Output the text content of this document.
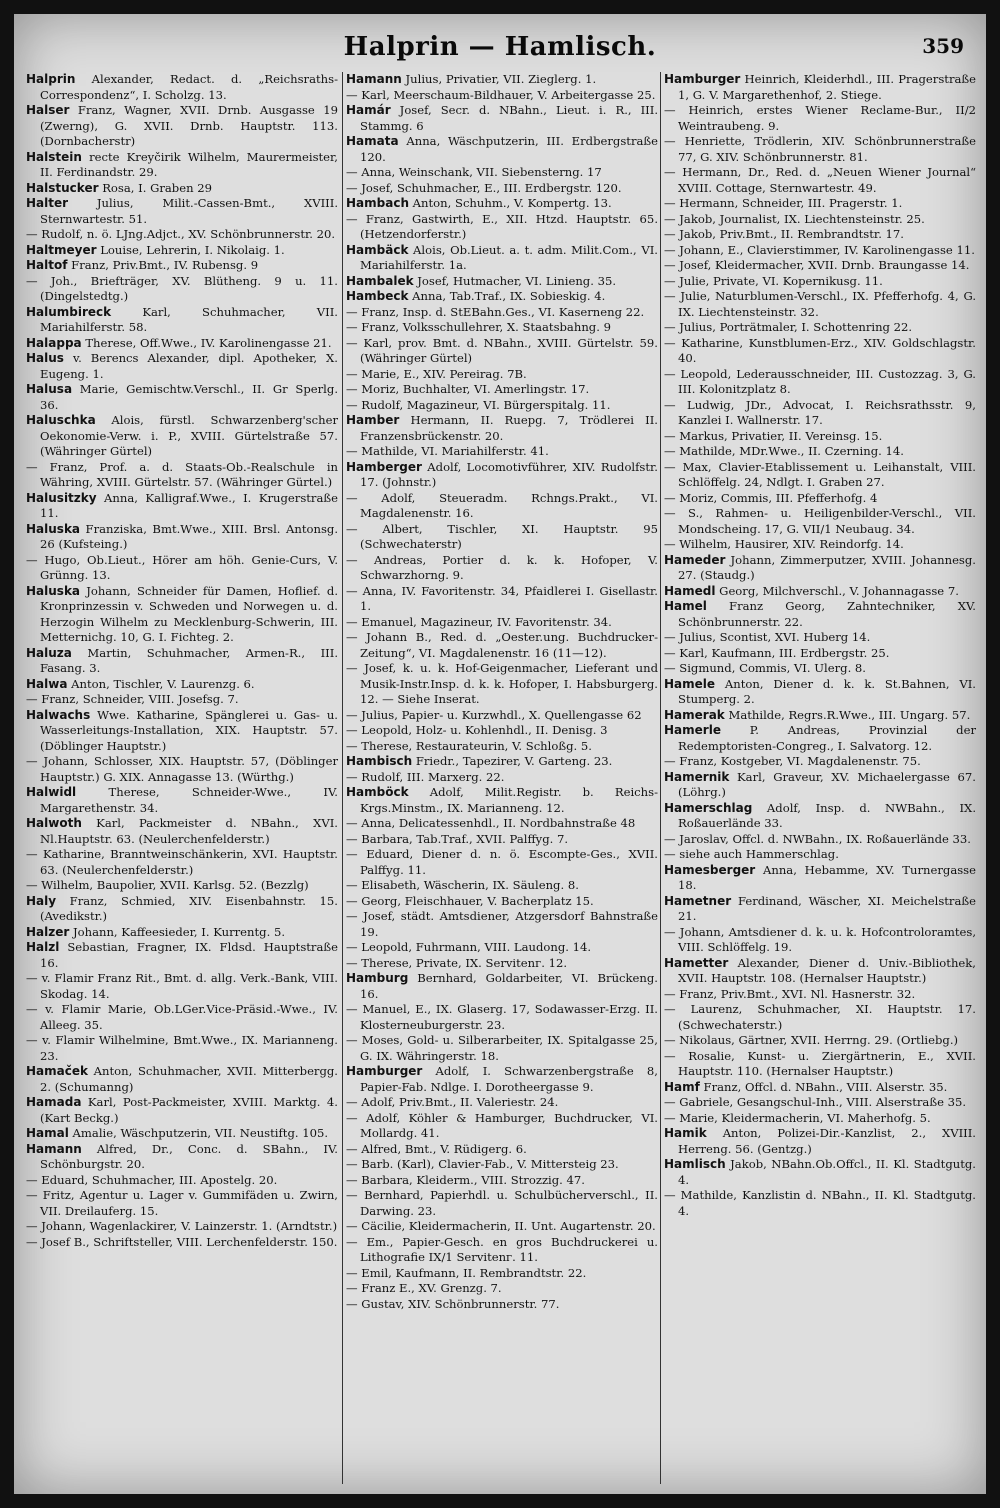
Halprin — Hamlisch.	359
Halprin Alexander, Redact. d. „Reichsraths-Correspondenz“, I. Scholzg. 13.
Halser Franz, Wagner, XVII. Drnb. Ausgasse 19 (Zwerng), G. XVII. Drnb. Hauptstr. 113. (Dornbacherstr)
Halstein recte Kreyčirik Wilhelm, Maurermeister, II. Ferdinandstr. 29.
Halstucker Rosa, I. Graben 29
Halter Julius, Milit.-Cassen-Bmt., XVIII. Sternwartestr. 51.
— Rudolf, n. ö. LJng.Adjct., XV. Schönbrunnerstr. 20.
Haltmeyer Louise, Lehrerin, I. Nikolaig. 1.
Haltof Franz, Priv.Bmt., IV. Rubensg. 9
— Joh., Briefträger, XV. Blütheng. 9 u. 11. (Dingelstedtg.)
Halumbireck Karl, Schuhmacher, VII. Mariahilferstr. 58.
Halappa Therese, Off.Wwe., IV. Karolinengasse 21.
Halus v. Berencs Alexander, dipl. Apotheker, X. Eugeng. 1.
Halusa Marie, Gemischtw.Verschl., II. Gr Sperlg. 36.
Haluschka Alois, fürstl. Schwarzenberg'scher Oekonomie-Verw. i. P., XVIII. Gürtelstraße 57. (Währinger Gürtel)
— Franz, Prof. a. d. Staats-Ob.-Realschule in Währing, XVIII. Gürtelstr. 57. (Währinger Gürtel.)
Halusitzky Anna, Kalligraf.Wwe., I. Krugerstraße 11.
Haluska Franziska, Bmt.Wwe., XIII. Brsl. Antonsg. 26 (Kufsteing.)
— Hugo, Ob.Lieut., Hörer am höh. Genie-Curs, V. Grünng. 13.
Haluska Johann, Schneider für Damen, Hoflief. d. Kronprinzessin v. Schweden und Norwegen u. d. Herzogin Wilhelm zu Mecklenburg-Schwerin, III. Metternichg. 10, G. I. Fichteg. 2.
Haluza Martin, Schuhmacher, Armen-R., III. Fasang. 3.
Halwa Anton, Tischler, V. Laurenzg. 6.
— Franz, Schneider, VIII. Josefsg. 7.
Halwachs Wwe. Katharine, Spänglerei u. Gas- u. Wasserleitungs-Installation, XIX. Hauptstr. 57. (Döblinger Hauptstr.)
— Johann, Schlosser, XIX. Hauptstr. 57, (Döblinger Hauptstr.) G. XIX. Annagasse 13. (Würthg.)
Halwidl Therese, Schneider-Wwe., IV. Margarethenstr. 34.
Halwoth Karl, Packmeister d. NBahn., XVI. Nl.Hauptstr. 63. (Neulerchenfelderstr.)
— Katharine, Branntweinschänkerin, XVI. Hauptstr. 63. (Neulerchenfelderstr.)
— Wilhelm, Baupolier, XVII. Karlsg. 52. (Bezzlg)
Haly Franz, Schmied, XIV. Eisenbahnstr. 15. (Avedikstr.)
Halzer Johann, Kaffeesieder, I. Kurrentg. 5.
Halzl Sebastian, Fragner, IX. Fldsd. Hauptstraße 16.
— v. Flamir Franz Rit., Bmt. d. allg. Verk.-Bank, VIII. Skodag. 14.
— v. Flamir Marie, Ob.LGer.Vice-Präsid.-Wwe., IV. Alleeg. 35.
— v. Flamir Wilhelmine, Bmt.Wwe., IX. Marianneng. 23.
Hamaček Anton, Schuhmacher, XVII. Mitterbergg. 2. (Schumanng)
Hamada Karl, Post-Packmeister, XVIII. Marktg. 4. (Kart Beckg.)
Hamal Amalie, Wäschputzerin, VII. Neustiftg. 105.
Hamann Alfred, Dr., Conc. d. SBahn., IV. Schönburgstr. 20.
— Eduard, Schuhmacher, III. Apostelg. 20.
— Fritz, Agentur u. Lager v. Gummifäden u. Zwirn, VII. Dreilauferg. 15.
— Johann, Wagenlackirer, V. Lainzerstr. 1. (Arndtstr.)
— Josef B., Schriftsteller, VIII. Lerchenfelderstr. 150.
Hamann Julius, Privatier, VII. Zieglerg. 1.
— Karl, Meerschaum-Bildhauer, V. Arbeitergasse 25.
Hamár Josef, Secr. d. NBahn., Lieut. i. R., III. Stammg. 6
Hamata Anna, Wäschputzerin, III. Erdbergstraße 120.
— Anna, Weinschank, VII. Siebensterng. 17
— Josef, Schuhmacher, E., III. Erdbergstr. 120.
Hambach Anton, Schuhm., V. Kompertg. 13.
— Franz, Gastwirth, E., XII. Htzd. Hauptstr. 65. (Hetzendorferstr.)
Hambäck Alois, Ob.Lieut. a. t. adm. Milit.Com., VI. Mariahilferstr. 1a.
Hambalek Josef, Hutmacher, VI. Linieng. 35.
Hambeck Anna, Tab.Traf., IX. Sobieskig. 4.
— Franz, Insp. d. StEBahn.Ges., VI. Kaserneng 22.
— Franz, Volksschullehrer, X. Staatsbahng. 9
— Karl, prov. Bmt. d. NBahn., XVIII. Gürtelstr. 59. (Währinger Gürtel)
— Marie, E., XIV. Pereirag. 7B.
— Moriz, Buchhalter, VI. Amerlingstr. 17.
— Rudolf, Magazineur, VI. Bürgerspitalg. 11.
Hamber Hermann, II. Ruepg. 7, Trödlerei II. Franzensbrückenstr. 20.
— Mathilde, VI. Mariahilferstr. 41.
Hamberger Adolf, Locomotivführer, XIV. Rudolfstr. 17. (Johnstr.)
— Adolf, Steueradm. Rchngs.Prakt., VI. Magdalenenstr. 16.
— Albert, Tischler, XI. Hauptstr. 95 (Schwechaterstr)
— Andreas, Portier d. k. k. Hofoper, V. Schwarzhorng. 9.
— Anna, IV. Favoritenstr. 34, Pfaidlerei I. Gisellastr. 1.
— Emanuel, Magazineur, IV. Favoritenstr. 34.
— Johann B., Red. d. „Oester.ung. Buchdrucker-Zeitung“, VI. Magdalenenstr. 16 (11—12).
— Josef, k. u. k. Hof-Geigenmacher, Lieferant und Musik-Instr.Insp. d. k. k. Hofoper, I. Habsburgerg. 12. — Siehe Inserat.
— Julius, Papier- u. Kurzwhdl., X. Quellengasse 62
— Leopold, Holz- u. Kohlenhdl., II. Denisg. 3
— Therese, Restaurateurin, V. Schloßg. 5.
Hambisch Friedr., Tapezirer, V. Garteng. 23.
— Rudolf, III. Marxerg. 22.
Hamböck Adolf, Milit.Registr. b. Reichs-Krgs.Minstm., IX. Marianneng. 12.
— Anna, Delicatessenhdl., II. Nordbahnstraße 48
— Barbara, Tab.Traf., XVII. Palffyg. 7.
— Eduard, Diener d. n. ö. Escompte-Ges., XVII. Palffyg. 11.
— Elisabeth, Wäscherin, IX. Säuleng. 8.
— Georg, Fleischhauer, V. Bacherplatz 15.
— Josef, städt. Amtsdiener, Atzgersdorf Bahnstraße 19.
— Leopold, Fuhrmann, VIII. Laudong. 14.
— Therese, Private, IX. Servitenг. 12.
Hamburg Bernhard, Goldarbeiter, VI. Brückeng. 16.
— Manuel, E., IX. Glaserg. 17, Sodawasser-Erzg. II. Klosterneuburgerstr. 23.
— Moses, Gold- u. Silberarbeiter, IX. Spitalgasse 25, G. IX. Währingerstr. 18.
Hamburger Adolf, I. Schwarzenbergstraße 8, Papier-Fab. Ndlge. I. Dorotheergasse 9.
— Adolf, Priv.Bmt., II. Valeriestr. 24.
— Adolf, Köhler & Hamburger, Buchdrucker, VI. Mollardg. 41.
— Alfred, Bmt., V. Rüdigerg. 6.
— Barb. (Karl), Clavier-Fab., V. Mittersteig 23.
— Barbara, Kleiderm., VIII. Strozzig. 47.
— Bernhard, Papierhdl. u. Schulbücherverschl., II. Darwing. 23.
— Cäcilie, Kleidermacherin, II. Unt. Augartenstr. 20.
— Em., Papier-Gesch. en gros Buchdruckerei u. Lithografie IX/1 Servitenг. 11.
— Emil, Kaufmann, II. Rembrandtstr. 22.
— Franz E., XV. Grenzg. 7.
— Gustav, XIV. Schönbrunnerstr. 77.
Hamburger Heinrich, Kleiderhdl., III. Pragerstraße 1, G. V. Margarethenhof, 2. Stiege.
— Heinrich, erstes Wiener Reclame-Bur., II/2 Weintraubeng. 9.
— Henriette, Trödlerin, XIV. Schönbrunnerstraße 77, G. XIV. Schönbrunnerstr. 81.
— Hermann, Dr., Red. d. „Neuen Wiener Journal“ XVIII. Cottage, Sternwartestr. 49.
— Hermann, Schneider, III. Pragerstr. 1.
— Jakob, Journalist, IX. Liechtensteinstr. 25.
— Jakob, Priv.Bmt., II. Rembrandtstr. 17.
— Johann, E., Clavierstimmer, IV. Karolinengasse 11.
— Josef, Kleidermacher, XVII. Drnb. Braungasse 14.
— Julie, Private, VI. Kopernikusg. 11.
— Julie, Naturblumen-Verschl., IX. Pfefferhofg. 4, G. IX. Liechtensteinstr. 32.
— Julius, Porträtmaler, I. Schottenring 22.
— Katharine, Kunstblumen-Erz., XIV. Goldschlagstr. 40.
— Leopold, Lederausschneider, III. Custozzag. 3, G. III. Kolonitzplatz 8.
— Ludwig, JDr., Advocat, I. Reichsrathsstr. 9, Kanzlei I. Wallnerstr. 17.
— Markus, Privatier, II. Vereinsg. 15.
— Mathilde, MDr.Wwe., II. Czerning. 14.
— Max, Clavier-Etablissement u. Leihanstalt, VIII. Schlöffelg. 24, Ndlgt. I. Graben 27.
— Moriz, Commis, III. Pfefferhofg. 4
— S., Rahmen- u. Heiligenbilder-Verschl., VII. Mondscheing. 17, G. VII/1 Neubaug. 34.
— Wilhelm, Hausirer, XIV. Reindorfg. 14.
Hameder Johann, Zimmerputzer, XVIII. Johannesg. 27. (Staudg.)
Hamedl Georg, Milchverschl., V. Johannagasse 7.
Hamel Franz Georg, Zahntechniker, XV. Schönbrunnerstr. 22.
— Julius, Scontist, XVI. Huberg 14.
— Karl, Kaufmann, III. Erdbergstr. 25.
— Sigmund, Commis, VI. Ulerg. 8.
Hamele Anton, Diener d. k. k. St.Bahnen, VI. Stumperg. 2.
Hamerak Mathilde, Regrs.R.Wwe., III. Ungarg. 57.
Hamerle P. Andreas, Provinzial der Redemptoristen-Congreg., I. Salvatorg. 12.
— Franz, Kostgeber, VI. Magdalenenstr. 75.
Hamernik Karl, Graveur, XV. Michaelergasse 67. (Löhrg.)
Hamerschlag Adolf, Insp. d. NWBahn., IX. Roßauerlände 33.
— Jaroslav, Offcl. d. NWBahn., IX. Roßauerlände 33.
— siehe auch Hammerschlag.
Hamesberger Anna, Hebamme, XV. Turnergasse 18.
Hametner Ferdinand, Wäscher, XI. Meichelstraße 21.
— Johann, Amtsdiener d. k. u. k. Hofcontroloramtes, VIII. Schlöffelg. 19.
Hametter Alexander, Diener d. Univ.-Bibliothek, XVII. Hauptstr. 108. (Hernalser Hauptstr.)
— Franz, Priv.Bmt., XVI. Nl. Hasnerstr. 32.
— Laurenz, Schuhmacher, XI. Hauptstr. 17. (Schwechaterstr.)
— Nikolaus, Gärtner, XVII. Herrng. 29. (Ortliebg.)
— Rosalie, Kunst- u. Ziergärtnerin, E., XVII. Hauptstr. 110. (Hernalser Hauptstr.)
Hamf Franz, Offcl. d. NBahn., VIII. Alserstr. 35.
— Gabriele, Gesangschul-Inh., VIII. Alserstraße 35.
— Marie, Kleidermacherin, VI. Maherhofg. 5.
Hamik Anton, Polizei-Dir.-Kanzlist, 2., XVIII. Herreng. 56. (Gentzg.)
Hamlisch Jakob, NBahn.Ob.Offcl., II. Kl. Stadtgutg. 4.
— Mathilde, Kanzlistin d. NBahn., II. Kl. Stadtgutg. 4.
